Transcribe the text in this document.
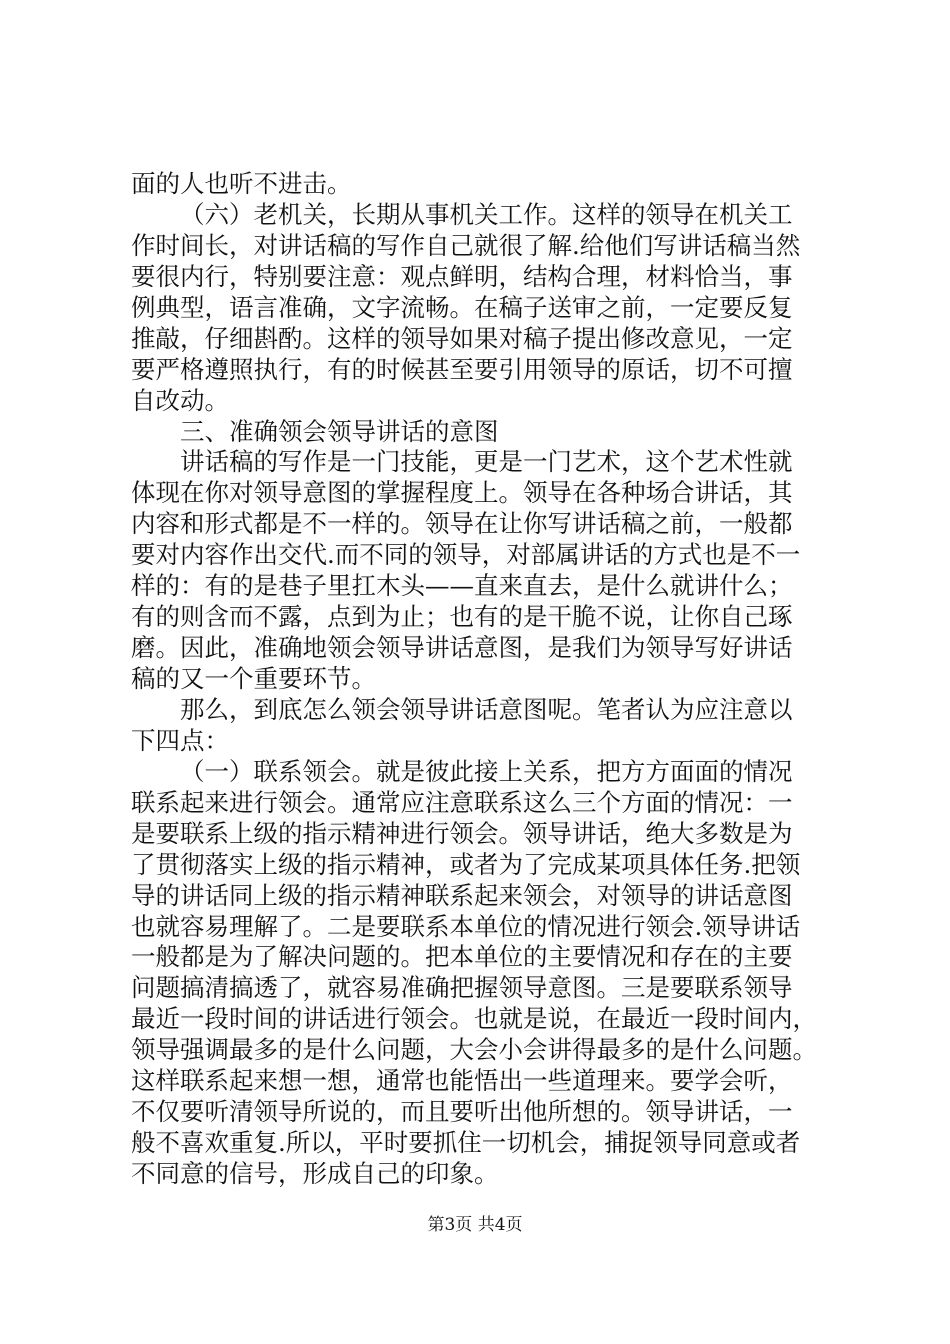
面的人也听不进击。
（六）老机关，长期从事机关工作。这样的领导在机关工
作时间长，对讲话稿的写作自己就很了解.给他们写讲话稿当然
要很内行，特别要注意：观点鲜明，结构合理，材料恰当，事
例典型，语言准确，文字流畅。在稿子送审之前，一定要反复
推敲，仔细斟酌。这样的领导如果对稿子提出修改意见，一定
要严格遵照执行，有的时候甚至要引用领导的原话，切不可擅
自改动。
三、准确领会领导讲话的意图
讲话稿的写作是一门技能，更是一门艺术，这个艺术性就
体现在你对领导意图的掌握程度上。领导在各种场合讲话，其
内容和形式都是不一样的。领导在让你写讲话稿之前，一般都
要对内容作出交代.而不同的领导，对部属讲话的方式也是不一
样的：有的是巷子里扛木头——直来直去，是什么就讲什么；
有的则含而不露，点到为止；也有的是干脆不说，让你自己琢
磨。因此，准确地领会领导讲话意图，是我们为领导写好讲话
稿的又一个重要环节。
那么，到底怎么领会领导讲话意图呢。笔者认为应注意以
下四点：
（一）联系领会。就是彼此接上关系，把方方面面的情况
联系起来进行领会。通常应注意联系这么三个方面的情况：一
是要联系上级的指示精神进行领会。领导讲话，绝大多数是为
了贯彻落实上级的指示精神，或者为了完成某项具体任务.把领
导的讲话同上级的指示精神联系起来领会，对领导的讲话意图
也就容易理解了。二是要联系本单位的情况进行领会.领导讲话
一般都是为了解决问题的。把本单位的主要情况和存在的主要
问题搞清搞透了，就容易准确把握领导意图。三是要联系领导
最近一段时间的讲话进行领会。也就是说，在最近一段时间内，
领导强调最多的是什么问题，大会小会讲得最多的是什么问题。
这样联系起来想一想，通常也能悟出一些道理来。要学会听，
不仅要听清领导所说的，而且要听出他所想的。领导讲话，一
般不喜欢重复.所以，平时要抓住一切机会，捕捉领导同意或者
不同意的信号，形成自己的印象。
第3页 共4页
